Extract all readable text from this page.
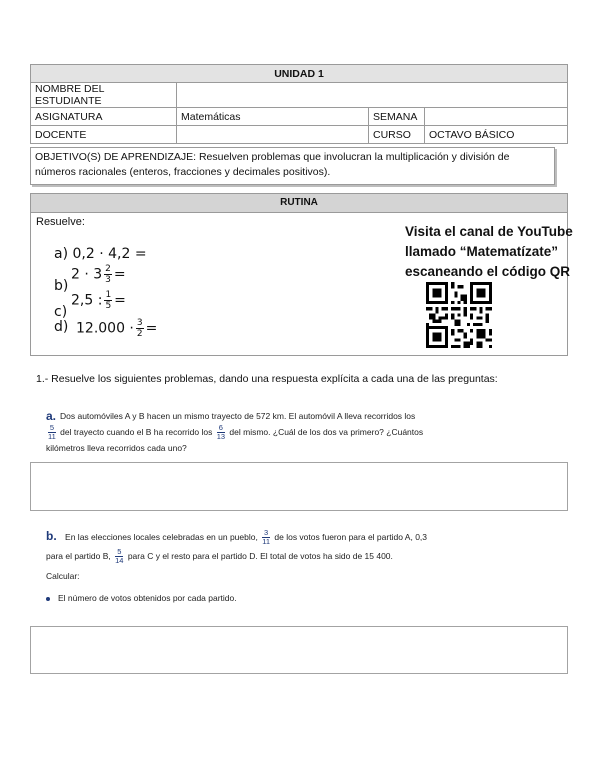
UNIDAD 1			
NOMBRE DEL ESTUDIANTE			
ASIGNATURA	Matemáticas	SEMANA	
DOCENTE		CURSO	OCTAVO BÁSICO
OBJETIVO(S) DE APRENDIZAJE: Resuelven problemas que involucran la multiplicación y división de números racionales (enteros, fracciones y decimales positivos).
RUTINA
Resuelve:
a) 0,2 · 4,2 =
$2 \cdot 3 \frac{2}{3}$ =
b)
2,5 : $\frac{1}{5}$ =
c)
d) $12.000 \cdot \frac{3}{2}$ =
Visita el canal de YouTube
llamado “Matematízate”
escaneando el código QR
1.- Resuelve los siguientes problemas, dando una respuesta explícita a cada una de las preguntas:
a. Dos automóviles A y B hacen un mismo trayecto de 572 km. El automóvil A lleva recorridos los
$\frac{5}{11}$ del trayecto cuando el B ha recorrido los $\frac{6}{13}$ del mismo. ¿Cuál de los dos va primero? ¿Cuántos
kilómetros lleva recorridos cada uno?
b. En las elecciones locales celebradas en un pueblo, $\frac{3}{11}$ de los votos fueron para el partido A, 0,3
para el partido B, $\frac{5}{14}$ para C y el resto para el partido D. El total de votos ha sido de 15 400.
Calcular:
El número de votos obtenidos por cada partido.
